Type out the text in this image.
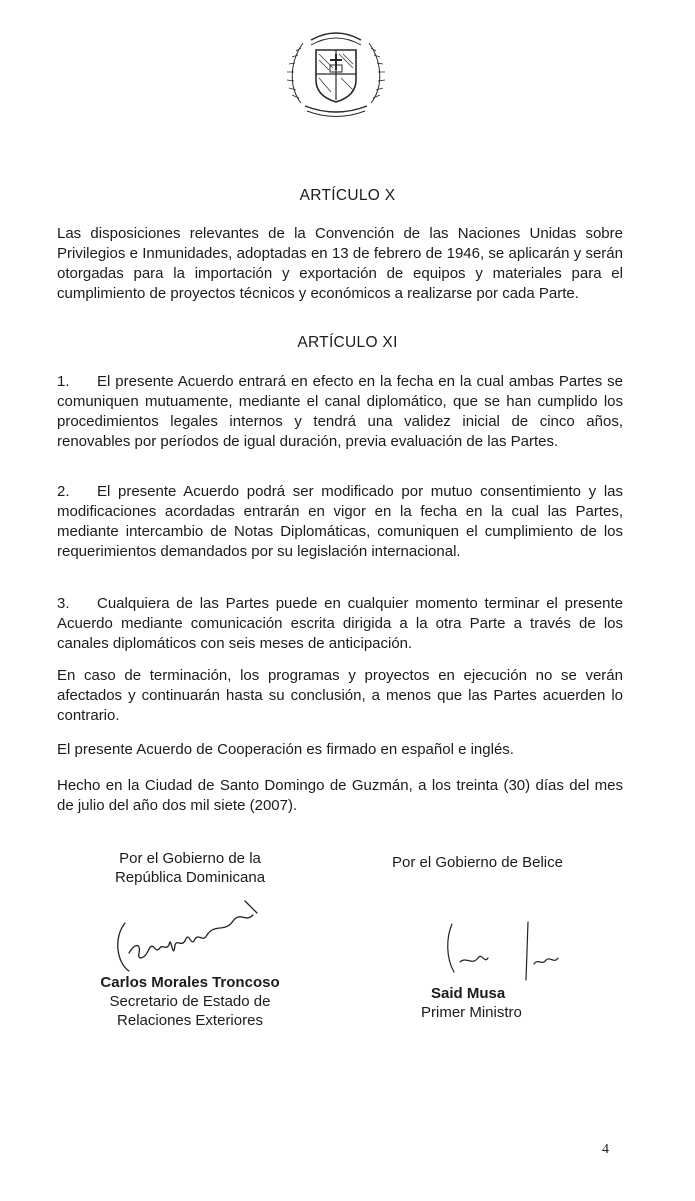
ARTÍCULO X
Las disposiciones relevantes de la Convención de las Naciones Unidas sobre Privilegios e Inmunidades, adoptadas en 13 de febrero de 1946, se aplicarán y serán otorgadas para la importación y exportación de equipos y materiales para el cumplimiento de proyectos técnicos y económicos a realizarse por cada Parte.
ARTÍCULO XI
1. El presente Acuerdo entrará en efecto en la fecha en la cual ambas Partes se comuniquen mutuamente, mediante el canal diplomático, que se han cumplido los procedimientos legales internos y tendrá una validez inicial de cinco años, renovables por períodos de igual duración, previa evaluación de las Partes.
2. El presente Acuerdo podrá ser modificado por mutuo consentimiento y las modificaciones acordadas entrarán en vigor en la fecha en la cual las Partes, mediante intercambio de Notas Diplomáticas, comuniquen el cumplimiento de los requerimientos demandados por su legislación internacional.
3. Cualquiera de las Partes puede en cualquier momento terminar el presente Acuerdo mediante comunicación escrita dirigida a la otra Parte a través de los canales diplomáticos con seis meses de anticipación.
En caso de terminación, los programas y proyectos en ejecución no se verán afectados y continuarán hasta su conclusión, a menos que las Partes acuerden lo contrario.
El presente Acuerdo de Cooperación es firmado en español e inglés.
Hecho en la Ciudad de Santo Domingo de Guzmán, a los treinta (30) días del mes de julio del año dos mil siete (2007).
Por el Gobierno de la
República Dominicana
Por el Gobierno de Belice
Carlos Morales Troncoso
Secretario de Estado de
Relaciones Exteriores
Said Musa
Primer Ministro
4
